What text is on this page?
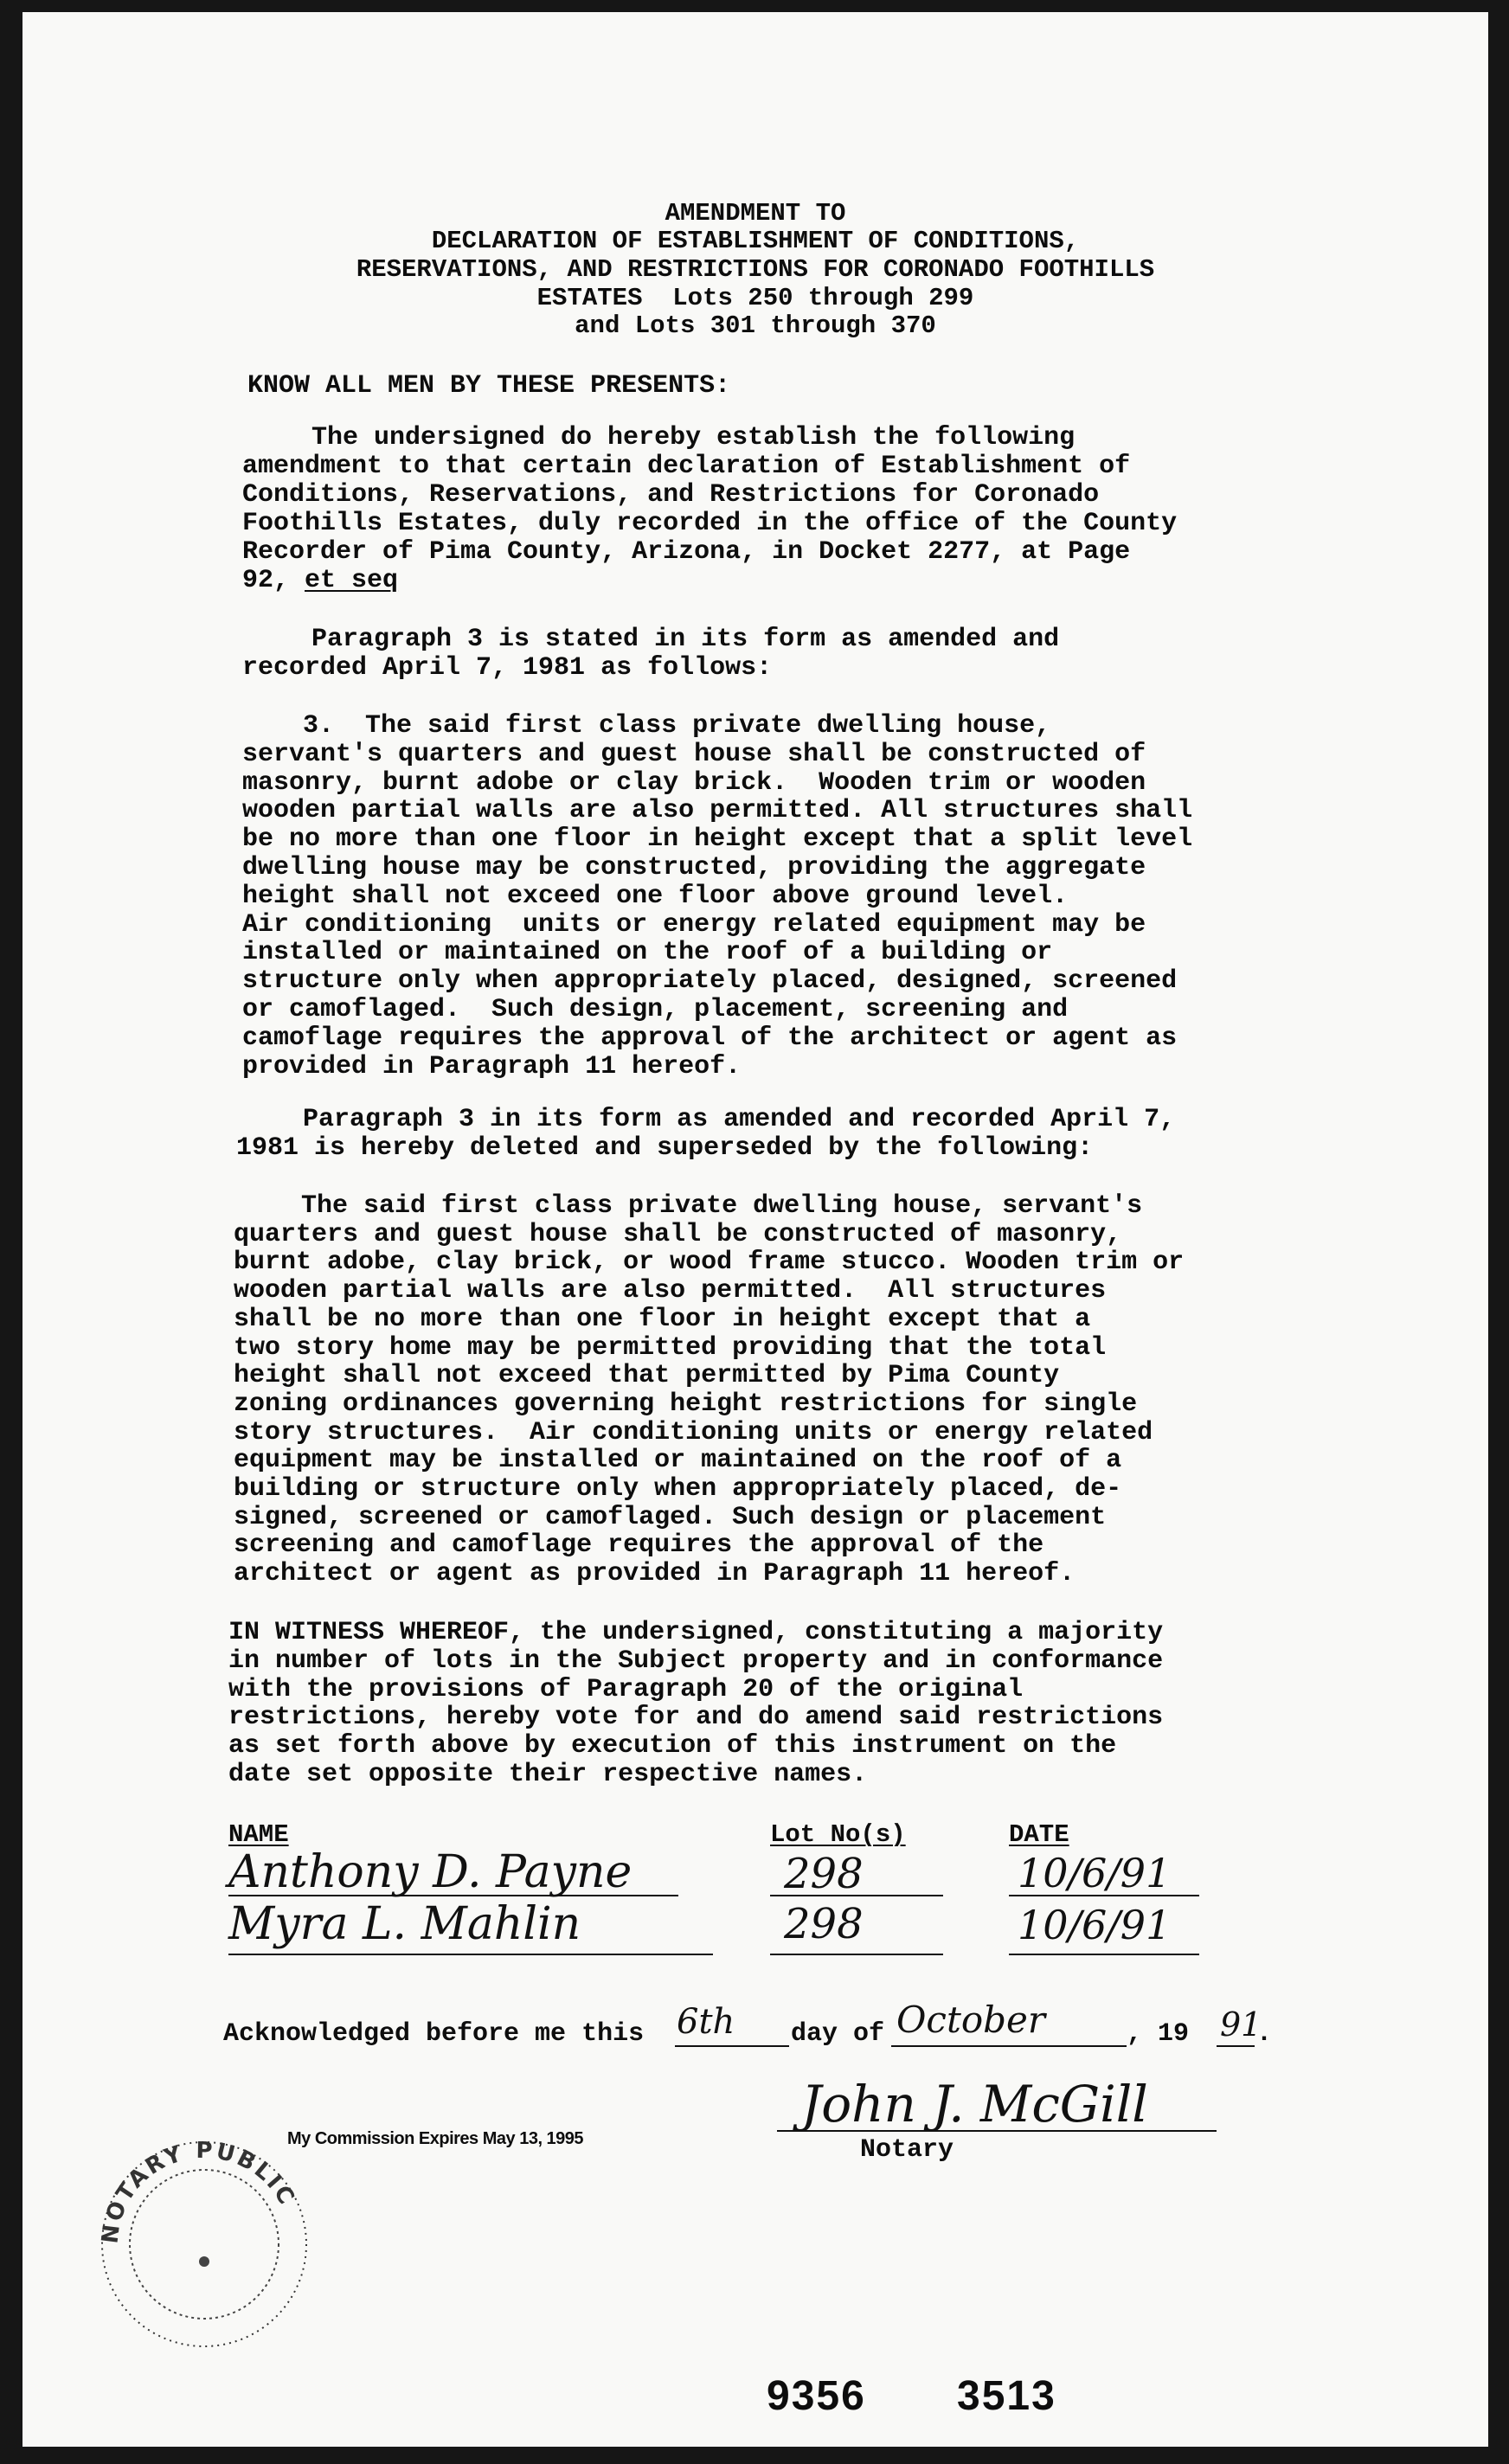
AMENDMENT TO
DECLARATION OF ESTABLISHMENT OF CONDITIONS,
RESERVATIONS, AND RESTRICTIONS FOR CORONADO FOOTHILLS
ESTATES  Lots 250 through 299
and Lots 301 through 370
KNOW ALL MEN BY THESE PRESENTS:
The undersigned do hereby establish the following
amendment to that certain declaration of Establishment of
Conditions, Reservations, and Restrictions for Coronado
Foothills Estates, duly recorded in the office of the County
Recorder of Pima County, Arizona, in Docket 2277, at Page
92, et seq
Paragraph 3 is stated in its form as amended and
recorded April 7, 1981 as follows:
3.  The said first class private dwelling house,
servant's quarters and guest house shall be constructed of
masonry, burnt adobe or clay brick.  Wooden trim or wooden
wooden partial walls are also permitted. All structures shall
be no more than one floor in height except that a split level
dwelling house may be constructed, providing the aggregate
height shall not exceed one floor above ground level.
Air conditioning  units or energy related equipment may be
installed or maintained on the roof of a building or
structure only when appropriately placed, designed, screened
or camoflaged.  Such design, placement, screening and
camoflage requires the approval of the architect or agent as
provided in Paragraph 11 hereof.
Paragraph 3 in its form as amended and recorded April 7,
1981 is hereby deleted and superseded by the following:
The said first class private dwelling house, servant's
quarters and guest house shall be constructed of masonry,
burnt adobe, clay brick, or wood frame stucco. Wooden trim or
wooden partial walls are also permitted.  All structures
shall be no more than one floor in height except that a
two story home may be permitted providing that the total
height shall not exceed that permitted by Pima County
zoning ordinances governing height restrictions for single
story structures.  Air conditioning units or energy related
equipment may be installed or maintained on the roof of a
building or structure only when appropriately placed, de-
signed, screened or camoflaged. Such design or placement
screening and camoflage requires the approval of the
architect or agent as provided in Paragraph 11 hereof.
IN WITNESS WHEREOF, the undersigned, constituting a majority
in number of lots in the Subject property and in conformance
with the provisions of Paragraph 20 of the original
restrictions, hereby vote for and do amend said restrictions
as set forth above by execution of this instrument on the
date set opposite their respective names.
NAME	Lot No(s)	DATE
Anthony D. Payne	298	10/6/91
Myra L. Mahlin	298	10/6/91
Acknowledged before me this 6th day of October	, 19 91
.
My Commission Expires May 13, 1995
John J. McGill
Notary
NOTARY PUBLIC
9356 3513
